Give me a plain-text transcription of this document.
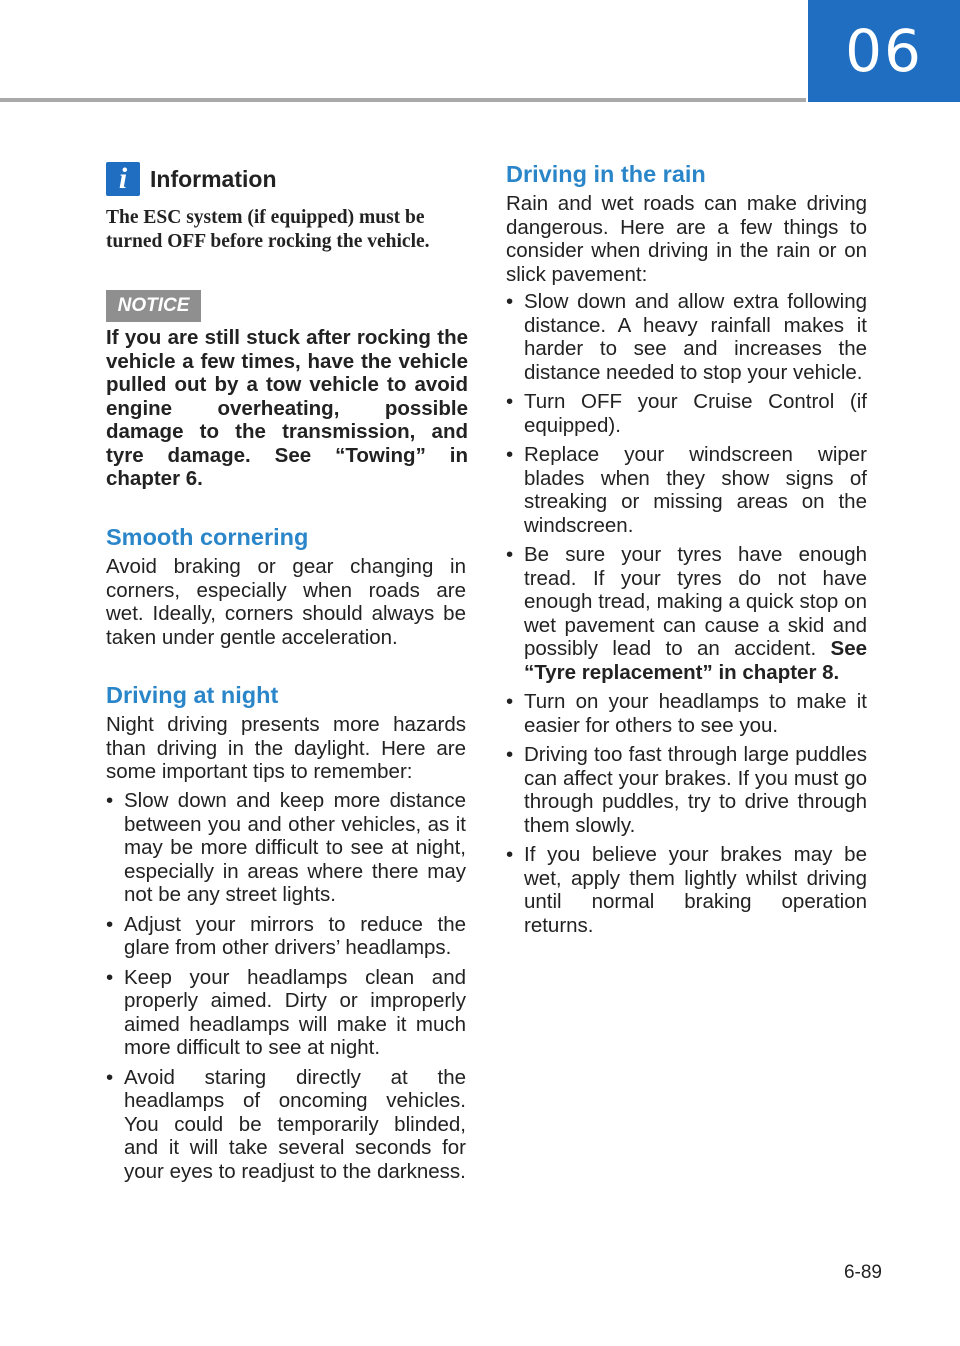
06
i Information
The ESC system (if equipped) must be turned OFF before rocking the vehicle.
NOTICE
If you are still stuck after rocking the vehicle a few times, have the vehicle pulled out by a tow vehicle to avoid engine overheating, possible damage to the transmission, and tyre damage. See “Towing” in chapter 6.
Smooth cornering

Avoid braking or gear changing in corners, especially when roads are wet. Ideally, corners should always be taken under gentle acceleration.

Driving at night

Night driving presents more hazards than driving in the daylight. Here are some important tips to remember:

• Slow down and keep more distance between you and other vehicles, as it may be more difficult to see at night, especially in areas where there may not be any street lights.
• Adjust your mirrors to reduce the glare from other drivers’ headlamps.
• Keep your headlamps clean and properly aimed. Dirty or improperly aimed headlamps will make it much more difficult to see at night.
• Avoid staring directly at the headlamps of oncoming vehicles. You could be temporarily blinded, and it will take several seconds for your eyes to readjust to the darkness.
Driving in the rain

Rain and wet roads can make driving dangerous. Here are a few things to consider when driving in the rain or on slick pavement:

• Slow down and allow extra following distance. A heavy rainfall makes it harder to see and increases the distance needed to stop your vehicle.
• Turn OFF your Cruise Control (if equipped).
• Replace your windscreen wiper blades when they show signs of streaking or missing areas on the windscreen.
• Be sure your tyres have enough tread. If your tyres do not have enough tread, making a quick stop on wet pavement can cause a skid and possibly lead to an accident. See “Tyre replacement” in chapter 8.
• Turn on your headlamps to make it easier for others to see you.
• Driving too fast through large puddles can affect your brakes. If you must go through puddles, try to drive through them slowly.
• If you believe your brakes may be wet, apply them lightly whilst driving until normal braking operation returns.
6-89
